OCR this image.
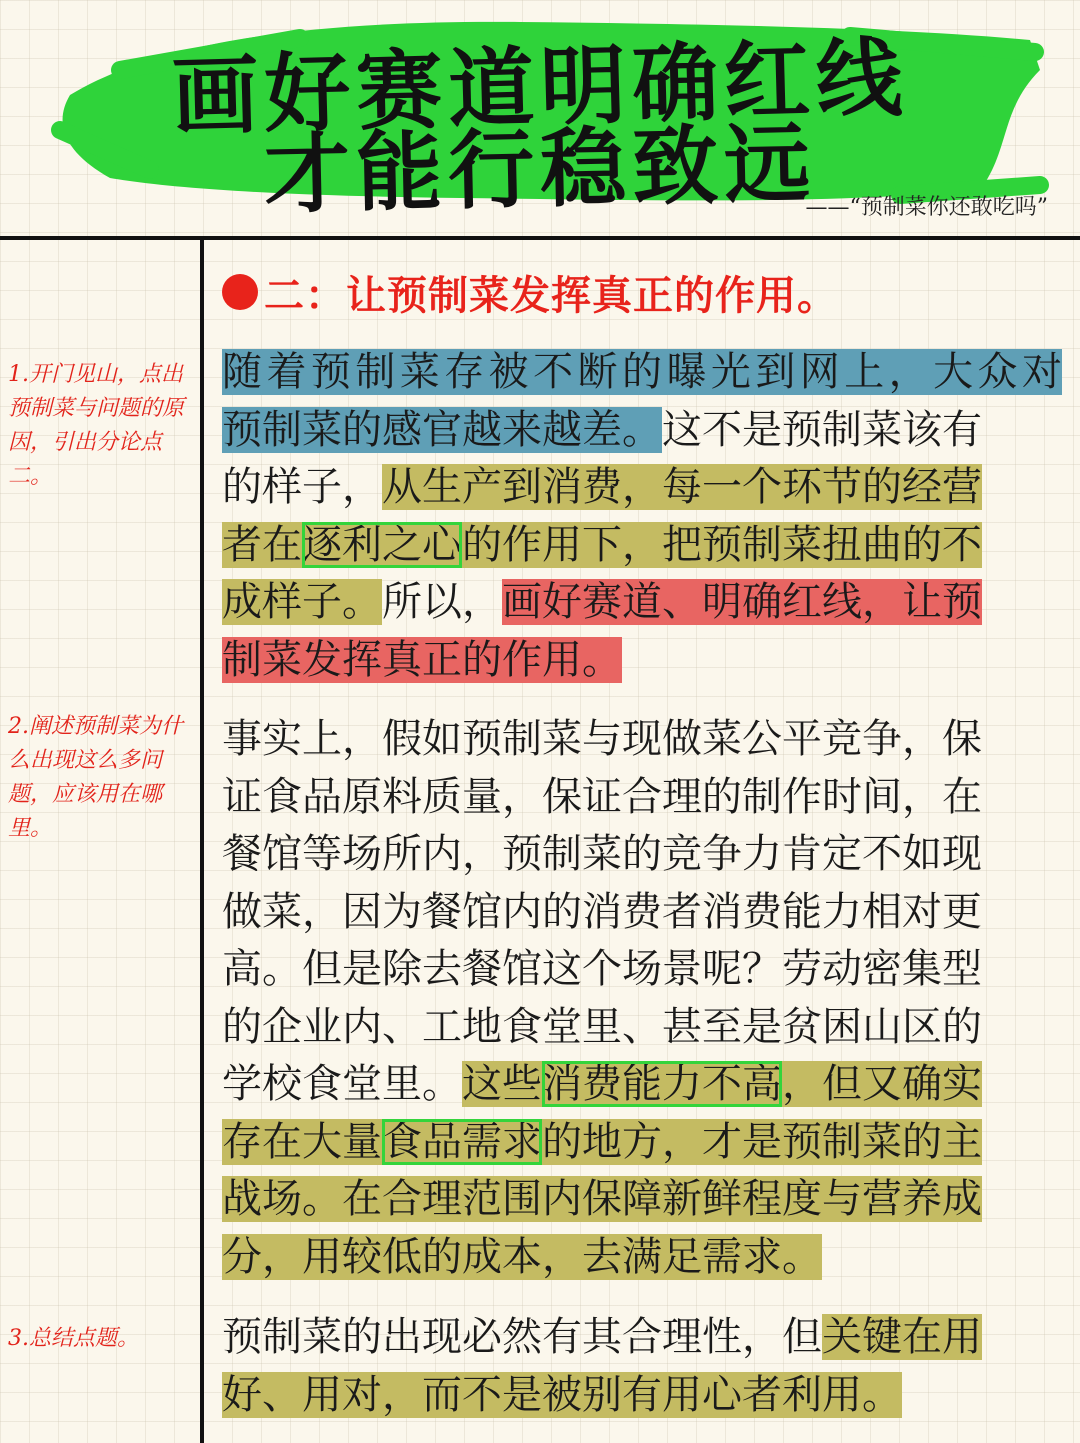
画好赛道明确红线
才能行稳致远
——“预制菜你还敢吃吗”
1.开门见山，点出预制菜与问题的原因，引出分论点二。
2.阐述预制菜为什么出现这么多问题，应该用在哪里。
3.总结点题。
二：让预制菜发挥真正的作用。
随着预制菜存被不断的曝光到网上，大众对
预制菜的感官越来越差。这不是预制菜该有
的样子，从生产到消费，每一个环节的经营
者在逐利之心的作用下，把预制菜扭曲的不
成样子。所以，画好赛道、明确红线，让预
制菜发挥真正的作用。
事实上，假如预制菜与现做菜公平竞争，保
证食品原料质量，保证合理的制作时间，在
餐馆等场所内，预制菜的竞争力肯定不如现
做菜，因为餐馆内的消费者消费能力相对更
高。但是除去餐馆这个场景呢？劳动密集型
的企业内、工地食堂里、甚至是贫困山区的
学校食堂里。这些消费能力不高，但又确实
存在大量食品需求的地方，才是预制菜的主
战场。在合理范围内保障新鲜程度与营养成
分，用较低的成本，去满足需求。
预制菜的出现必然有其合理性，但关键在用
好、用对，而不是被别有用心者利用。
